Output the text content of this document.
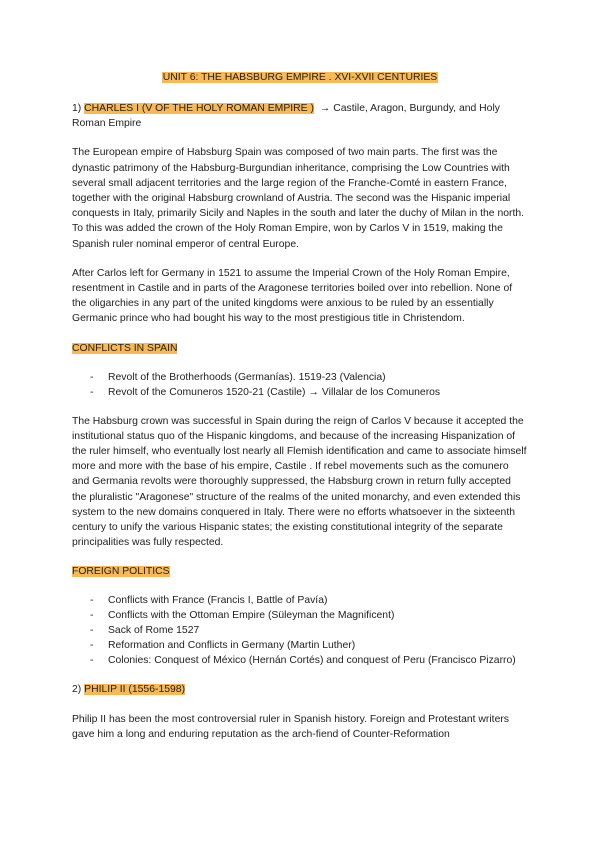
UNIT 6: THE HABSBURG EMPIRE . XVI-XVII CENTURIES
1) CHARLES I (V OF THE HOLY ROMAN EMPIRE ) → Castile, Aragon, Burgundy, and Holy Roman Empire

The European empire of Habsburg Spain was composed of two main parts. The first was the dynastic patrimony of the Habsburg-Burgundian inheritance, comprising the Low Countries with several small adjacent territories and the large region of the Franche-Comté in eastern France, together with the original Habsburg crownland of Austria. The second was the Hispanic imperial conquests in Italy, primarily Sicily and Naples in the south and later the duchy of Milan in the north. To this was added the crown of the Holy Roman Empire, won by Carlos V in 1519, making the Spanish ruler nominal emperor of central Europe.

After Carlos left for Germany in 1521 to assume the Imperial Crown of the Holy Roman Empire, resentment in Castile and in parts of the Aragonese territories boiled over into rebellion. None of the oligarchies in any part of the united kingdoms were anxious to be ruled by an essentially Germanic prince who had bought his way to the most prestigious title in Christendom.

CONFLICTS IN SPAIN
- Revolt of the Brotherhoods (Germanías). 1519-23 (Valencia)
- Revolt of the Comuneros 1520-21 (Castile) → Villalar de los Comuneros

The Habsburg crown was successful in Spain during the reign of Carlos V because it accepted the institutional status quo of the Hispanic kingdoms, and because of the increasing Hispanization of the ruler himself, who eventually lost nearly all Flemish identification and came to associate himself more and more with the base of his empire, Castile . If rebel movements such as the comunero and Germania revolts were thoroughly suppressed, the Habsburg crown in return fully accepted the pluralistic "Aragonese" structure of the realms of the united monarchy, and even extended this system to the new domains conquered in Italy. There were no efforts whatsoever in the sixteenth century to unify the various Hispanic states; the existing constitutional integrity of the separate principalities was fully respected.

FOREIGN POLITICS
- Conflicts with France (Francis I, Battle of Pavía)
- Conflicts with the Ottoman Empire (Süleyman the Magnificent)
- Sack of Rome 1527
- Reformation and Conflicts in Germany (Martin Luther)
- Colonies: Conquest of México (Hernán Cortés) and conquest of Peru (Francisco Pizarro)
2) PHILIP II (1556-1598)

Philip II has been the most controversial ruler in Spanish history. Foreign and Protestant writers gave him a long and enduring reputation as the arch-fiend of Counter-Reformation
